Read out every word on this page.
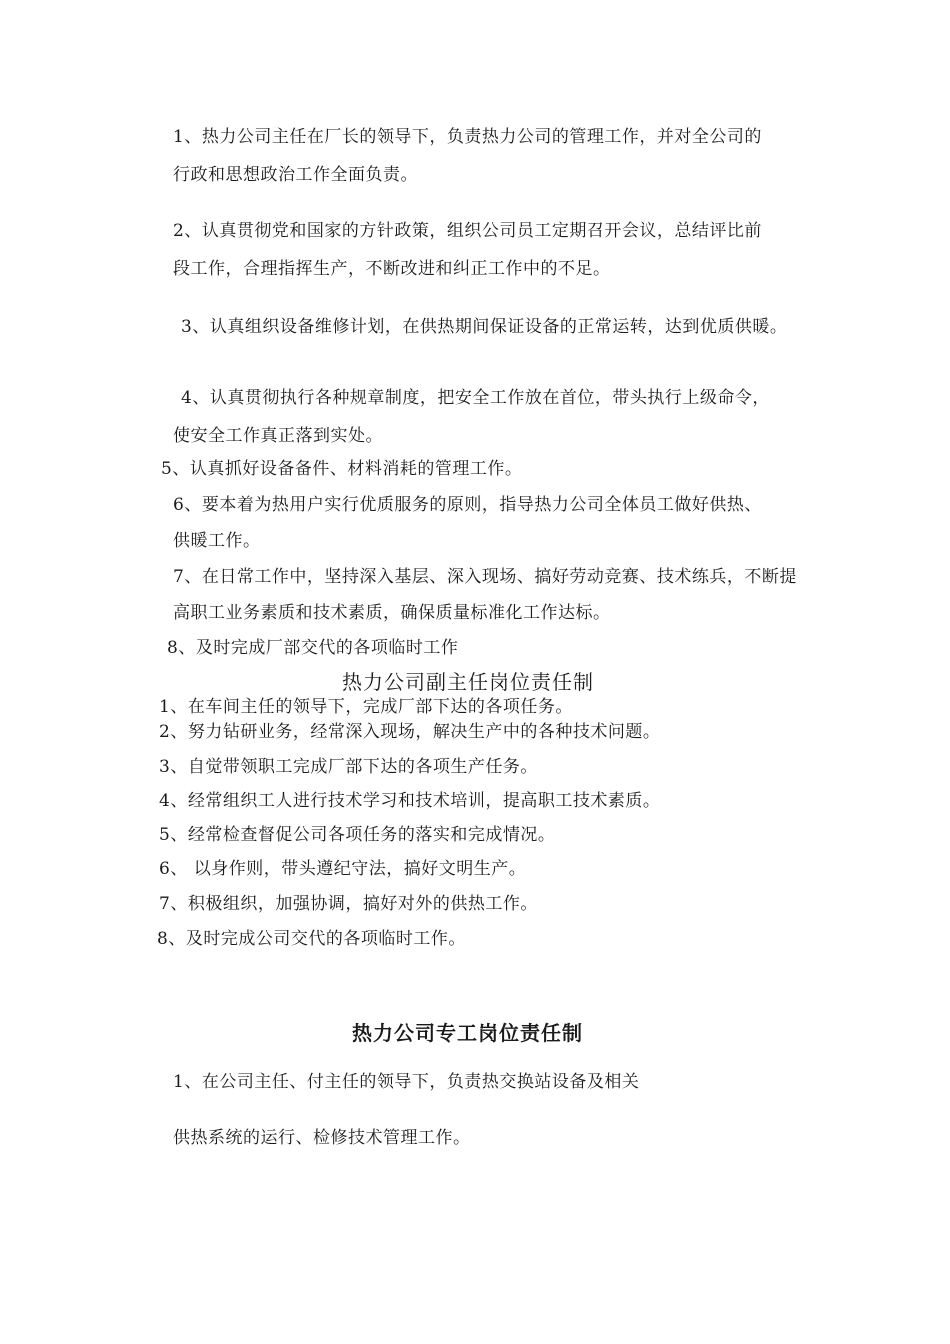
1、热力公司主任在厂长的领导下，负责热力公司的管理工作，并对全公司的
行政和思想政治工作全面负责。
2、认真贯彻党和国家的方针政策，组织公司员工定期召开会议，总结评比前
段工作，合理指挥生产，不断改进和纠正工作中的不足。
3、认真组织设备维修计划，在供热期间保证设备的正常运转，达到优质供暖。
4、认真贯彻执行各种规章制度，把安全工作放在首位，带头执行上级命令，
使安全工作真正落到实处。
5、认真抓好设备备件、材料消耗的管理工作。
6、要本着为热用户实行优质服务的原则，指导热力公司全体员工做好供热、
供暖工作。
7、在日常工作中，坚持深入基层、深入现场、搞好劳动竞赛、技术练兵，不断提
高职工业务素质和技术素质，确保质量标准化工作达标。
8、及时完成厂部交代的各项临时工作
热力公司副主任岗位责任制
1、在车间主任的领导下，完成厂部下达的各项任务。
2、努力钻研业务，经常深入现场，解决生产中的各种技术问题。
3、自觉带领职工完成厂部下达的各项生产任务。
4、经常组织工人进行技术学习和技术培训，提高职工技术素质。
5、经常检查督促公司各项任务的落实和完成情况。
6、 以身作则，带头遵纪守法，搞好文明生产。
7、积极组织，加强协调，搞好对外的供热工作。
8、及时完成公司交代的各项临时工作。
热力公司专工岗位责任制
1、在公司主任、付主任的领导下，负责热交换站设备及相关
供热系统的运行、检修技术管理工作。
